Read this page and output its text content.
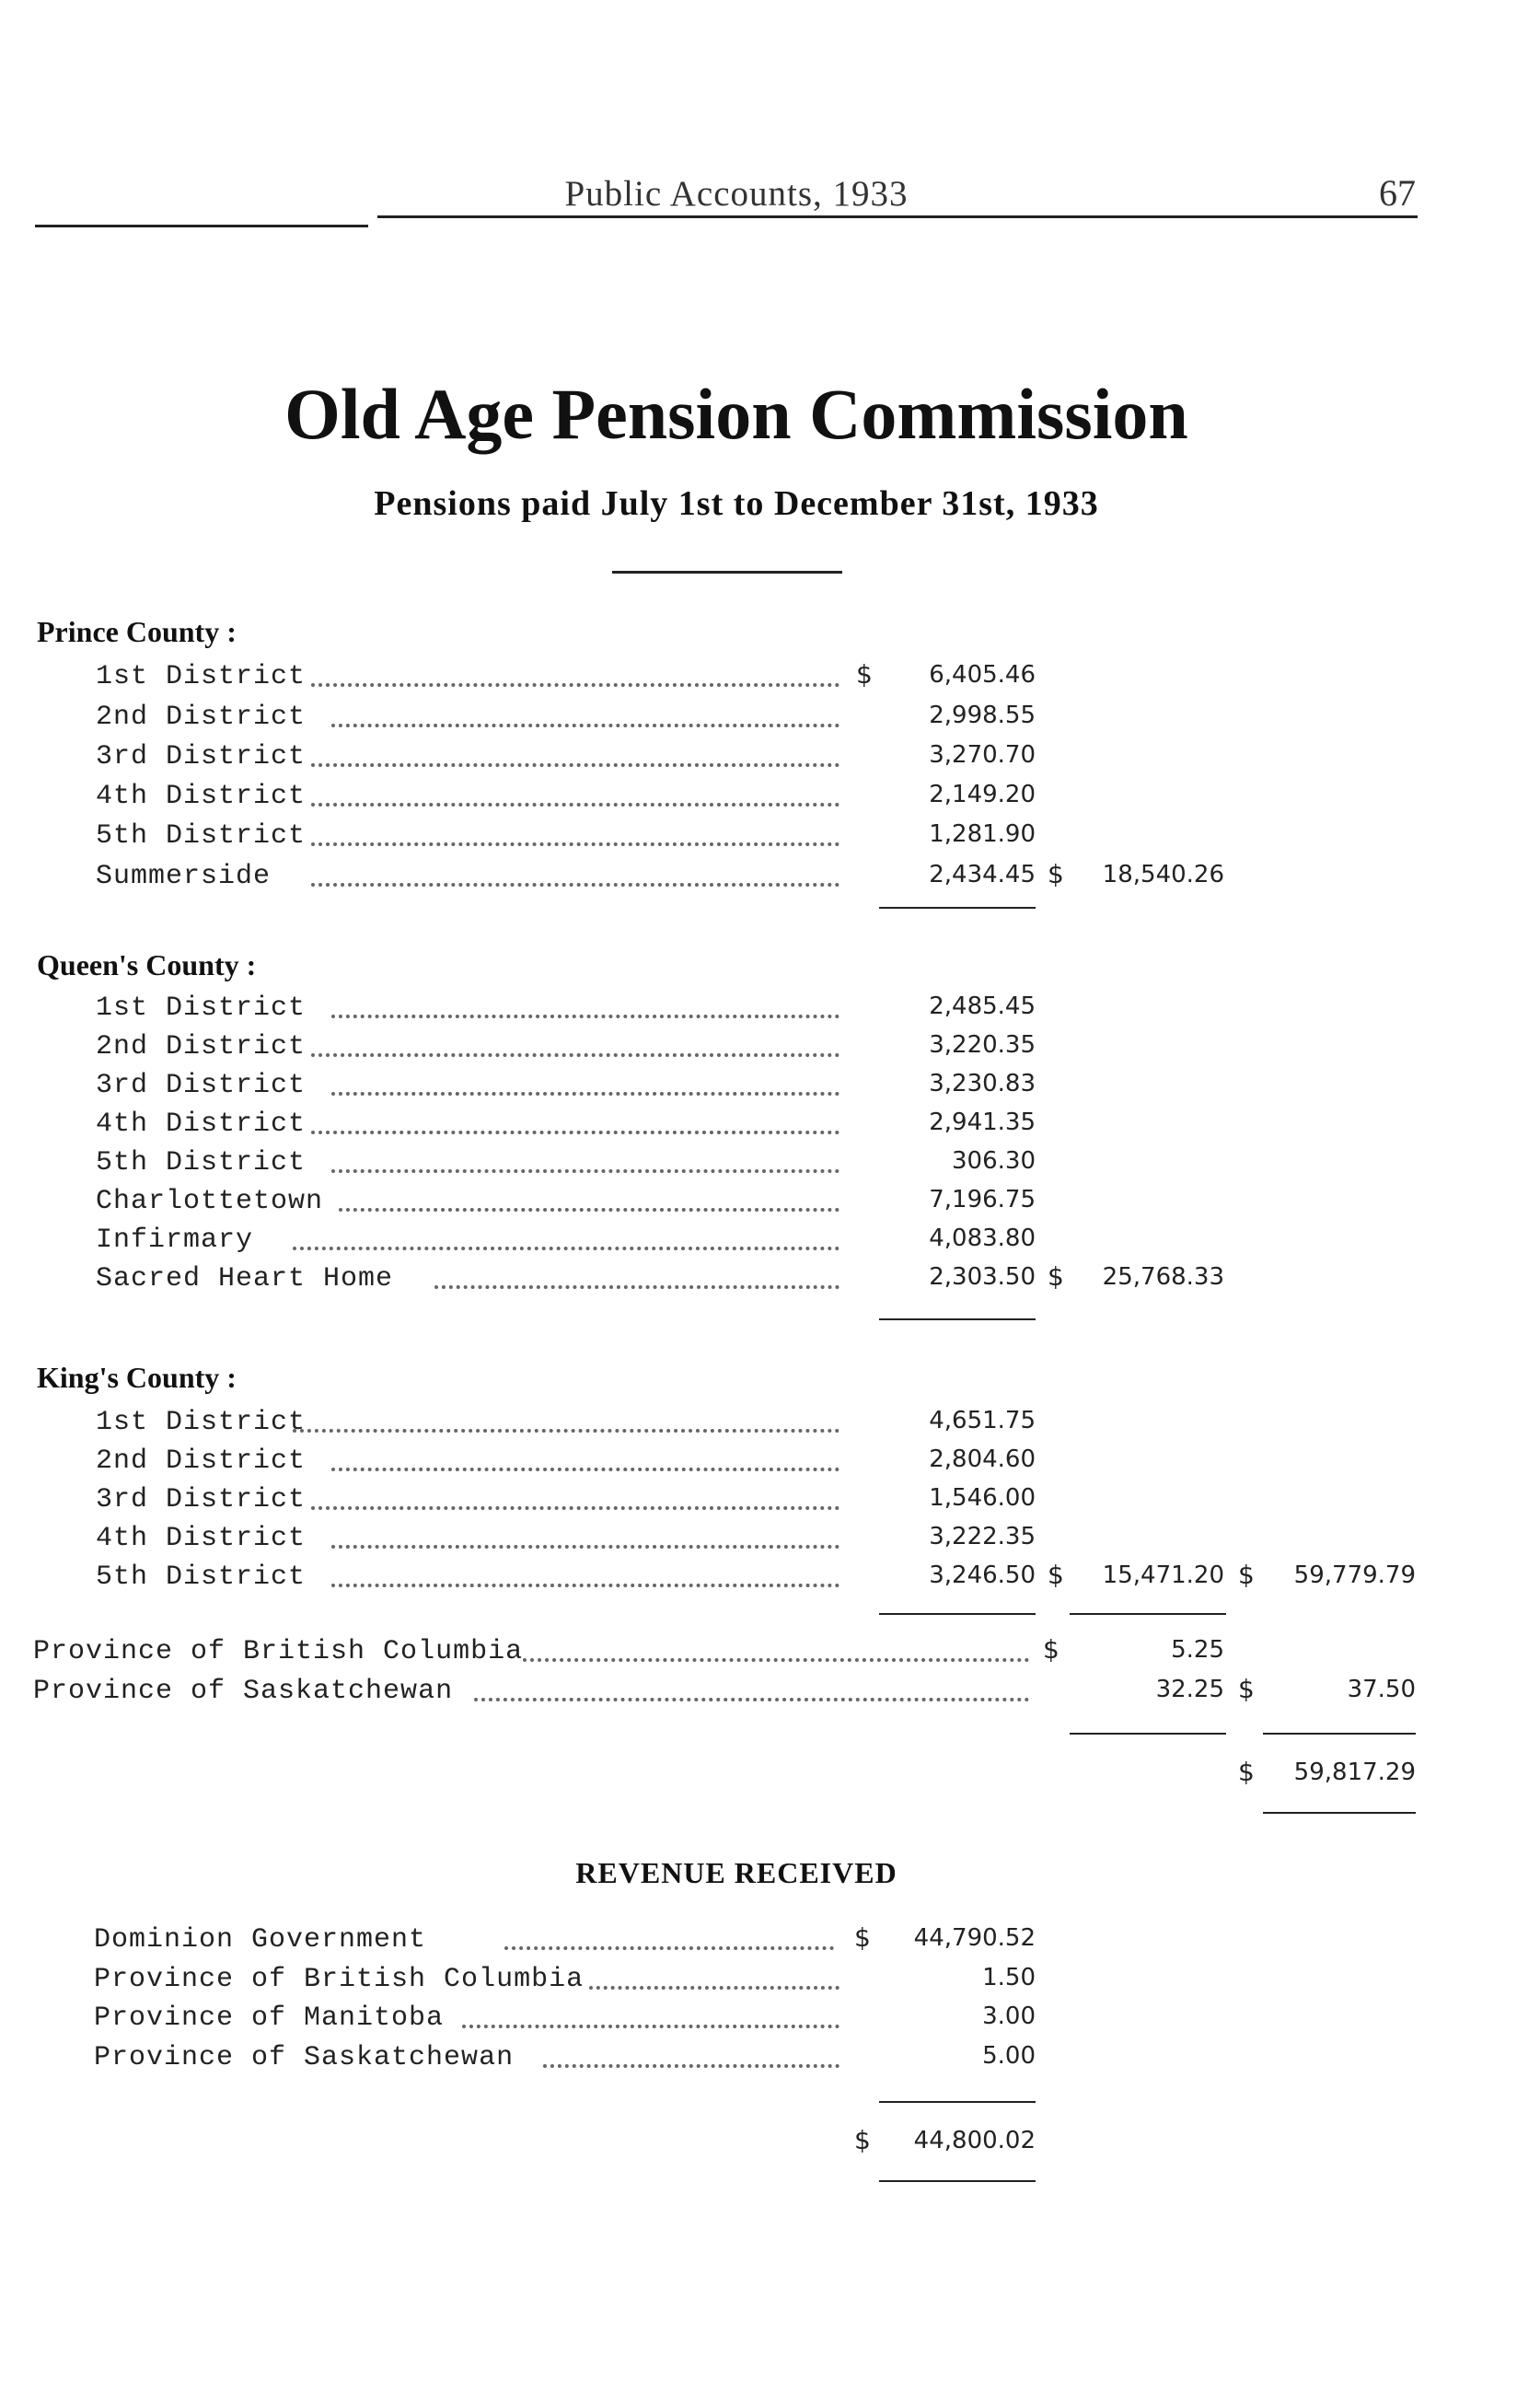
Public Accounts, 1933	67
Old Age Pension Commission
Pensions paid July 1st to December 31st, 1933
Prince County :
1st District	$	6,405.46
2nd District	2,998.55
3rd District	3,270.70
4th District	2,149.20
5th District	1,281.90
Summerside	2,434.45 $	18,540.26
Queen's County :
1st District	2,485.45
2nd District	3,220.35
3rd District	3,230.83
4th District	2,941.35
5th District	306.30
Charlottetown	7,196.75
Infirmary	4,083.80
Sacred Heart Home	2,303.50 $	25,768.33
King's County :
1st District	4,651.75
2nd District	2,804.60
3rd District	1,546.00
4th District	3,222.35
5th District	3,246.50 $	15,471.20 $	59,779.79
Province of British Columbia	$	5.25
Province of Saskatchewan	32.25 $	37.50
$	59,817.29
REVENUE RECEIVED
Dominion Government	$	44,790.52
Province of British Columbia	1.50
Province of Manitoba	3.00
Province of Saskatchewan	5.00
$	44,800.02
